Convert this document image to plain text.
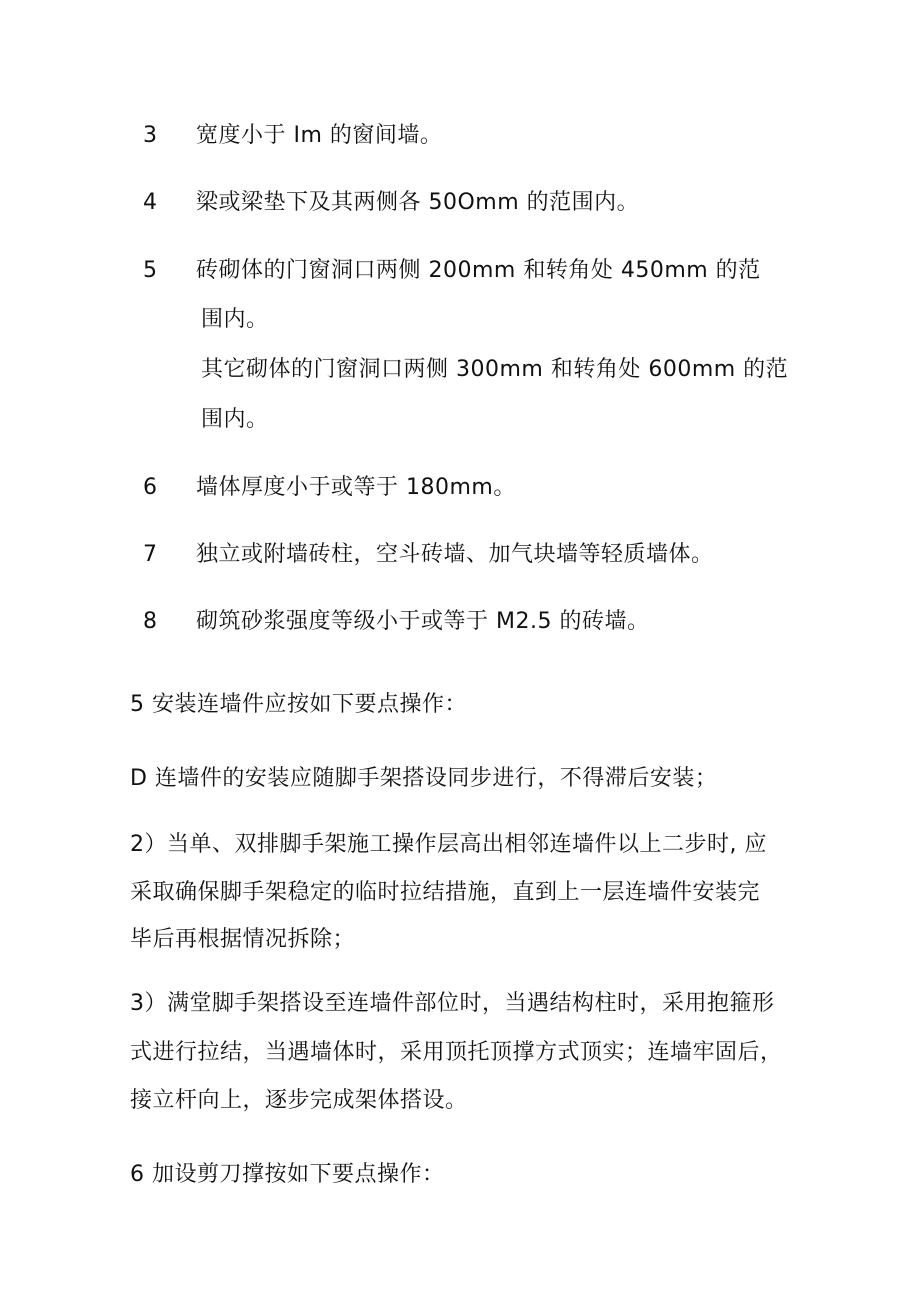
3 宽度小于 Im 的窗间墙。
4 梁或梁垫下及其两侧各 50Omm 的范围内。
5 砖砌体的门窗洞口两侧 200mm 和转角处 450mm 的范
围内。
其它砌体的门窗洞口两侧 300mm 和转角处 600mm 的范
围内。
6 墙体厚度小于或等于 180mm。
7 独立或附墙砖柱，空斗砖墙、加气块墙等轻质墙体。
8 砌筑砂浆强度等级小于或等于 M2.5 的砖墙。
5 安装连墙件应按如下要点操作：
D 连墙件的安装应随脚手架搭设同步进行，不得滞后安装；
2）当单、双排脚手架施工操作层高出相邻连墙件以上二步时, 应
采取确保脚手架稳定的临时拉结措施，直到上一层连墙件安装完
毕后再根据情况拆除；
3）满堂脚手架搭设至连墙件部位时，当遇结构柱时，采用抱箍形
式进行拉结，当遇墙体时，采用顶托顶撑方式顶实；连墙牢固后，
接立杆向上，逐步完成架体搭设。
6 加设剪刀撑按如下要点操作：
